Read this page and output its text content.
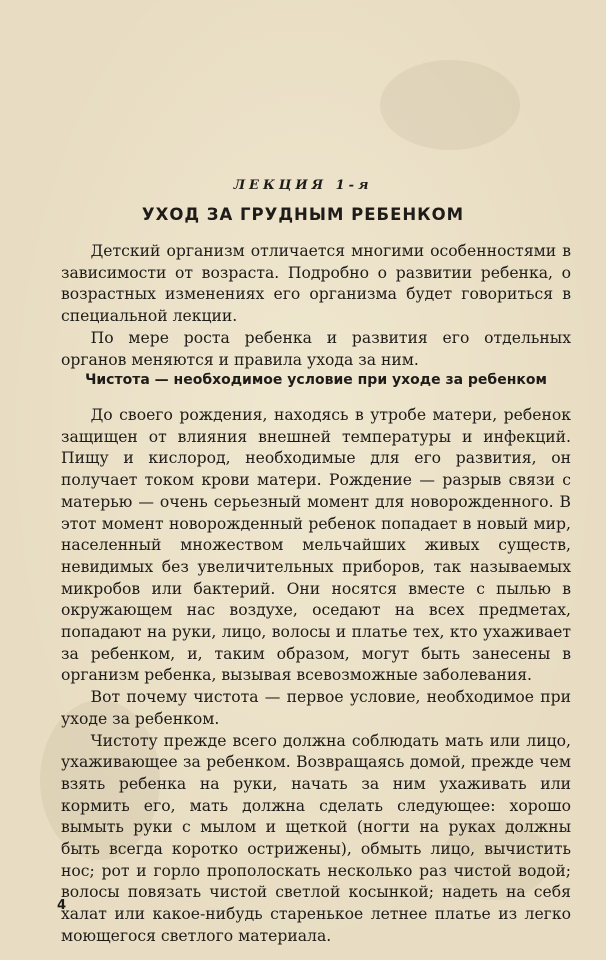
ЛЕКЦИЯ 1-я
УХОД ЗА ГРУДНЫМ РЕБЕНКОМ

Детский организм отличается многими особенностями в зависимости от возраста. Подробно о развитии ребенка, о возрастных изменениях его организма будет говориться в специальной лекции.

По мере роста ребенка и развития его отдельных органов меняются и правила ухода за ним.

Чистота — необходимое условие при уходе за ребенком

До своего рождения, находясь в утробе матери, ребенок защищен от влияния внешней температуры и инфекций. Пищу и кислород, необходимые для его развития, он получает током крови матери. Рождение — разрыв связи с матерью — очень серьезный момент для новорожденного. В этот момент новорожденный ребенок попадает в новый мир, населенный множеством мельчайших живых существ, невидимых без увеличительных приборов, так называемых микробов или бактерий. Они носятся вместе с пылью в окружающем нас воздухе, оседают на всех предметах, попадают на руки, лицо, волосы и платье тех, кто ухаживает за ребенком, и, таким образом, могут быть занесены в организм ребенка, вызывая всевозможные заболевания.

Вот почему чистота — первое условие, необходимое при уходе за ребенком.

Чистоту прежде всего должна соблюдать мать или лицо, ухаживающее за ребенком. Возвращаясь домой, прежде чем взять ребенка на руки, начать за ним ухаживать или кормить его, мать должна сделать следующее: хорошо вымыть руки с мылом и щеткой (ногти на руках должны быть всегда коротко острижены), обмыть лицо, вычистить нос; рот и горло прополоскать несколько раз чистой водой; волосы повязать чистой светлой косынкой; надеть на себя халат или какое-нибудь старенькое летнее платье из легко моющегося светлого материала.

4
